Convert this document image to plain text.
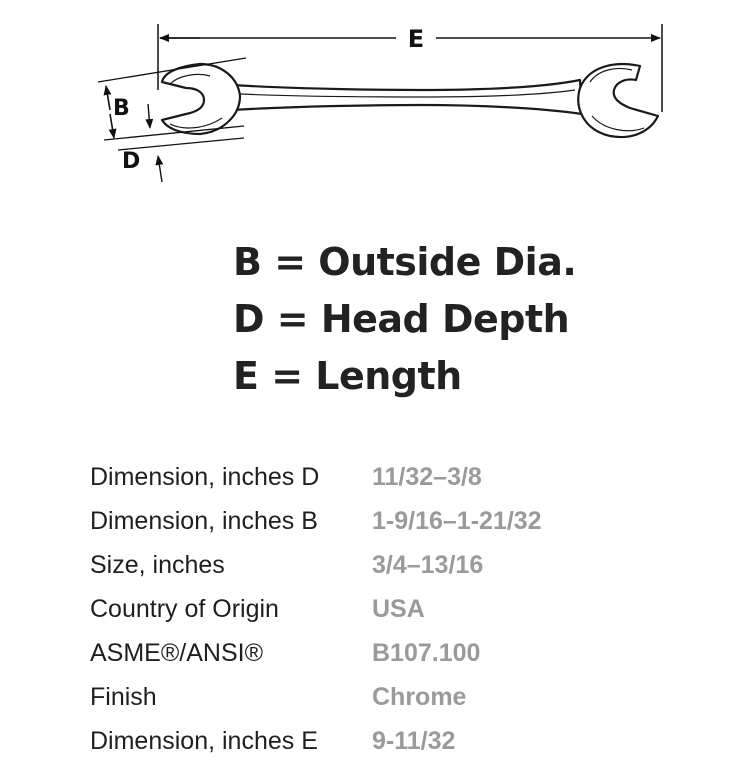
E
B
D
B = Outside Dia.
D = Head Depth
E = Length
Dimension, inches D	11/32–3/8
Dimension, inches B	1-9/16–1-21/32
Size, inches	3/4–13/16
Country of Origin	USA
ASME®/ANSI®	B107.100
Finish	Chrome
Dimension, inches E	9-11/32
